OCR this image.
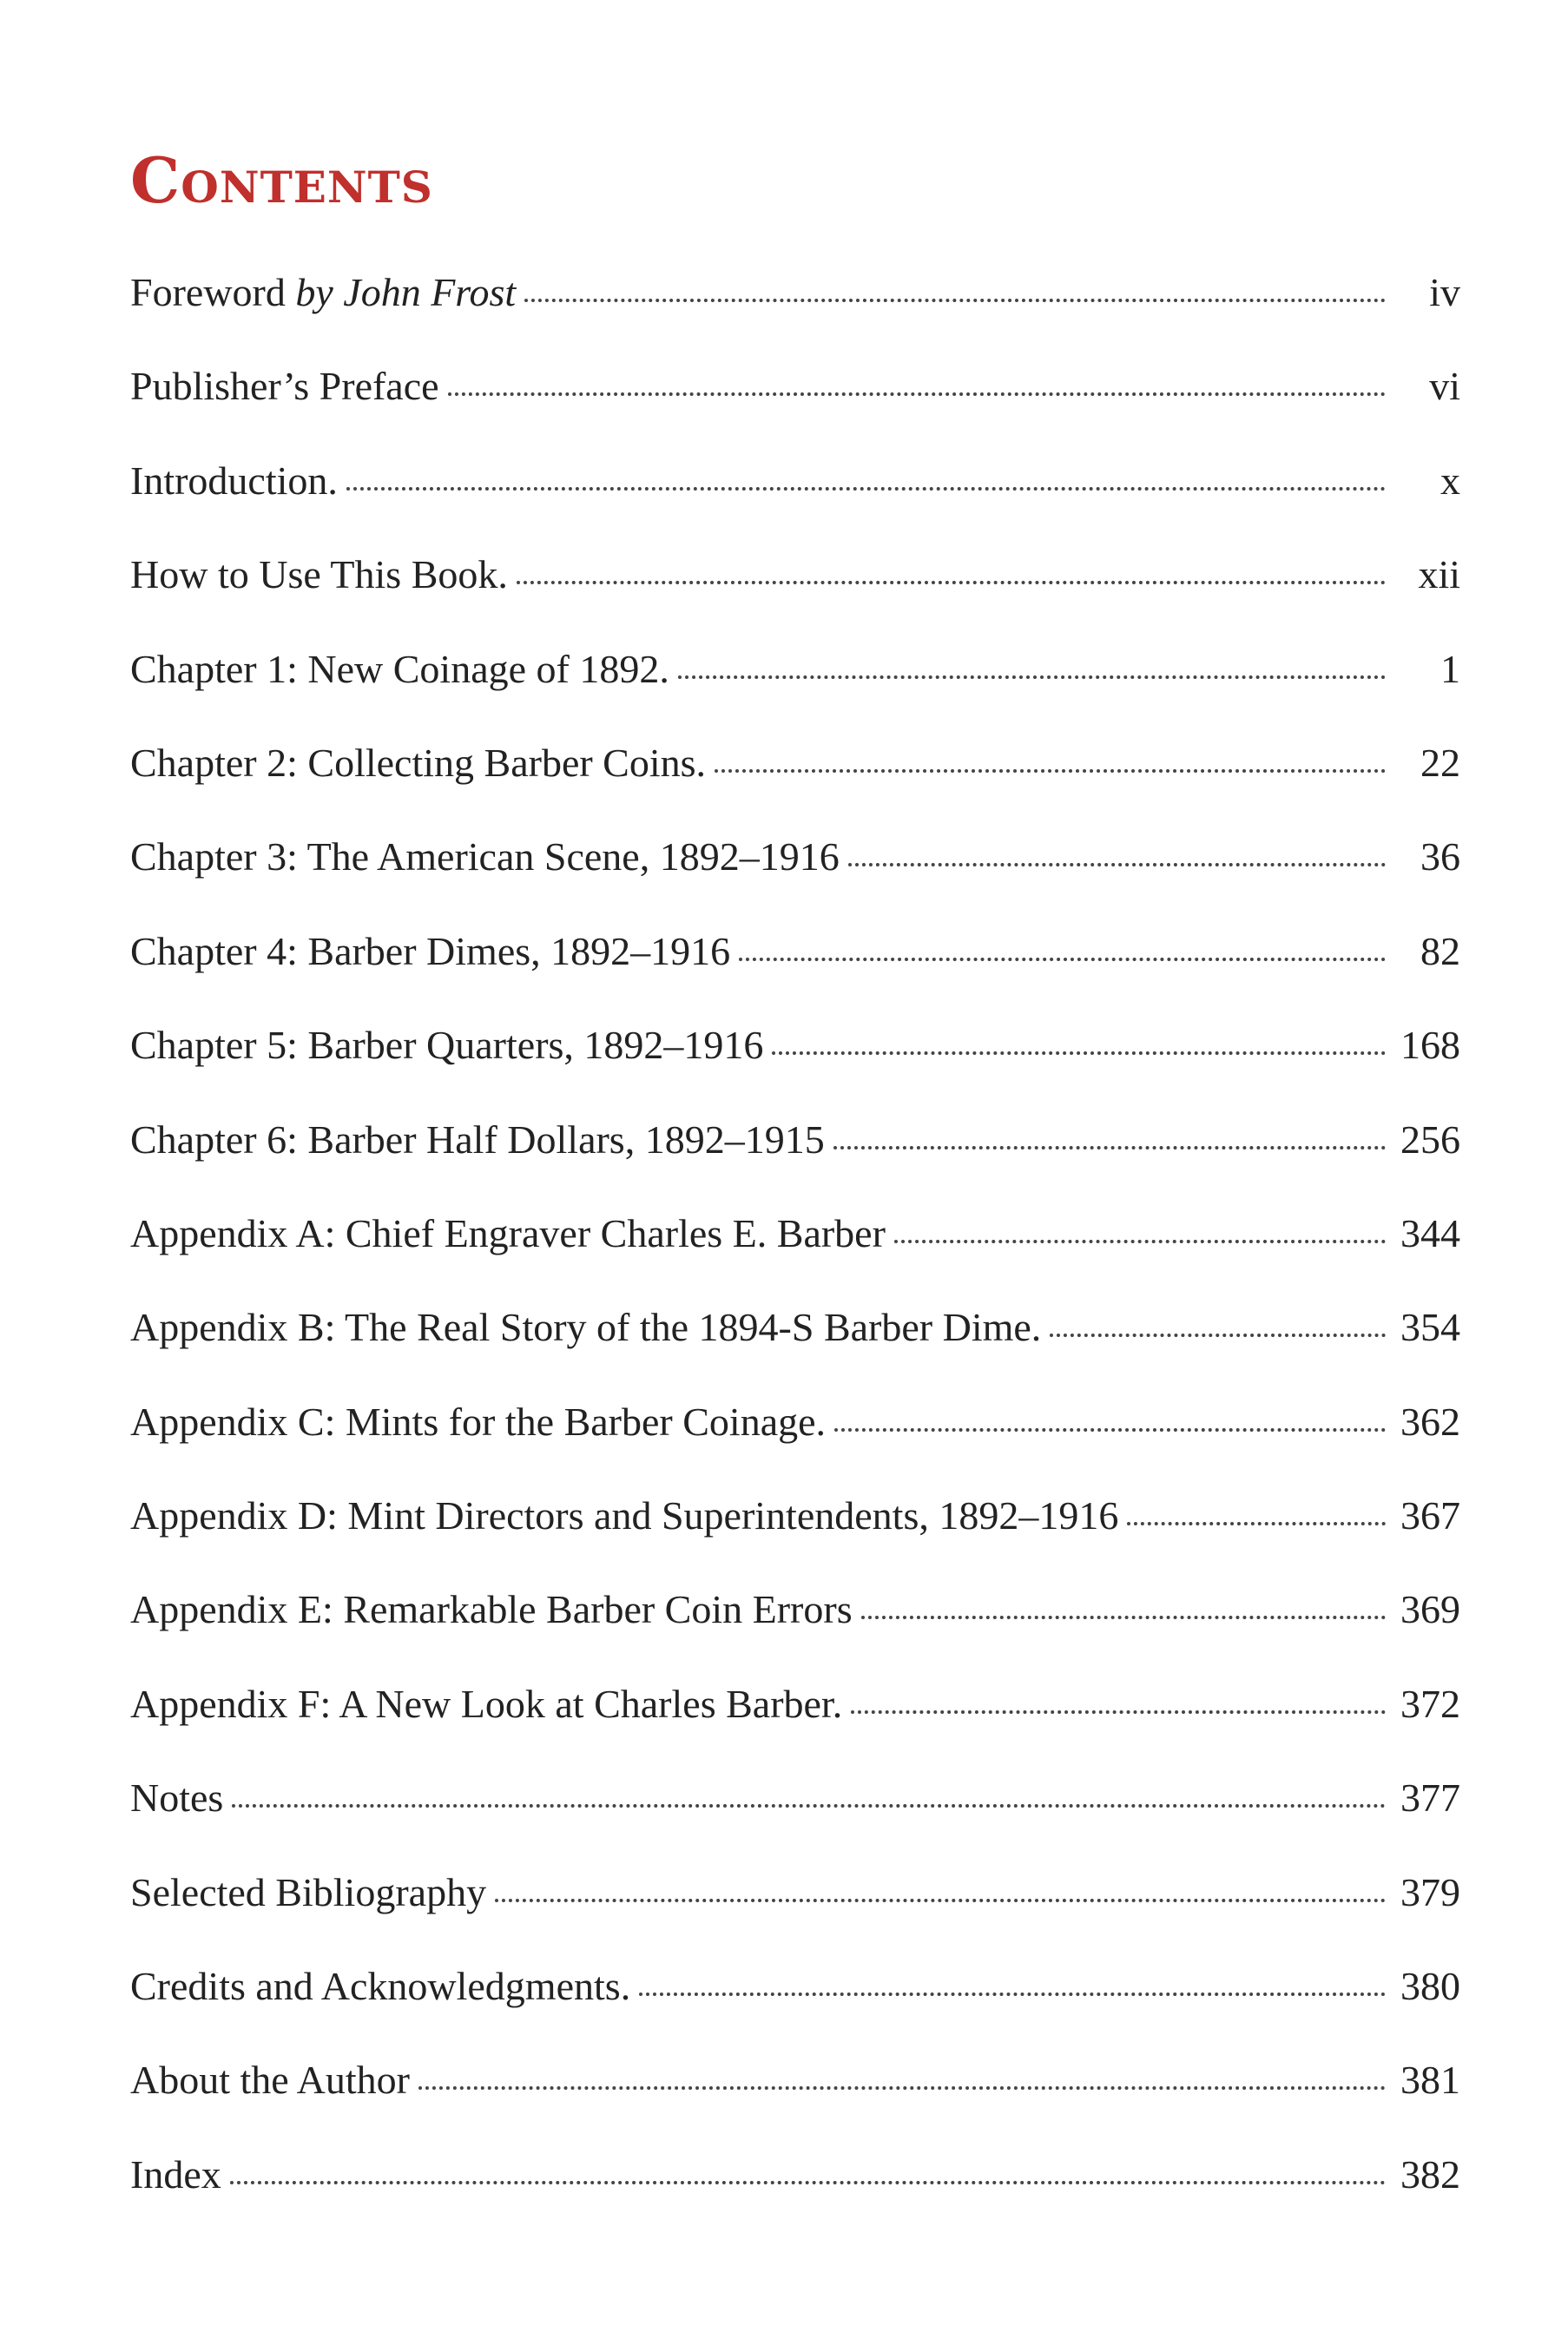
Contents
Foreword by John Frost	iv
Publisher’s Preface	vi
Introduction.	x
How to Use This Book.	xii
Chapter 1: New Coinage of 1892.	1
Chapter 2: Collecting Barber Coins.	22
Chapter 3: The American Scene, 1892–1916	36
Chapter 4: Barber Dimes, 1892–1916	82
Chapter 5: Barber Quarters, 1892–1916	168
Chapter 6: Barber Half Dollars, 1892–1915	256
Appendix A: Chief Engraver Charles E. Barber	344
Appendix B: The Real Story of the 1894-S Barber Dime.	354
Appendix C: Mints for the Barber Coinage.	362
Appendix D: Mint Directors and Superintendents, 1892–1916	367
Appendix E: Remarkable Barber Coin Errors	369
Appendix F: A New Look at Charles Barber.	372
Notes	377
Selected Bibliography	379
Credits and Acknowledgments.	380
About the Author	381
Index	382
